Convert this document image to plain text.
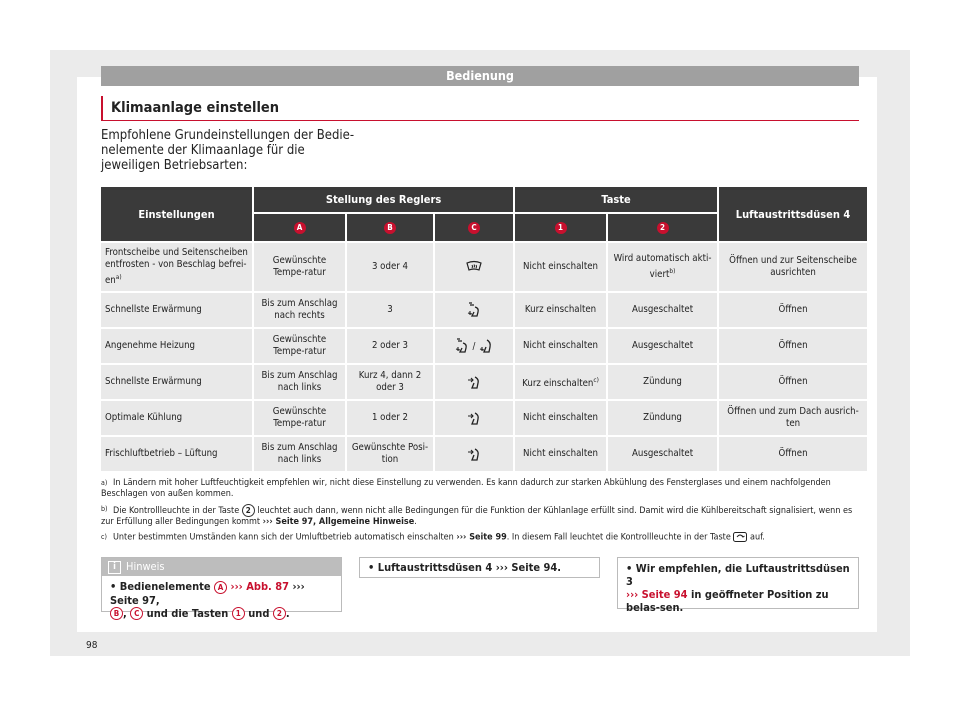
Bedienung
Klimaanlage einstellen
Empfohlene Grundeinstellungen der Bedie-nelemente der Klimaanlage für die jeweiligen Betriebsarten:
Einstellungen	Stellung des Reglers			Taste		Luftaustrittsdüsen 4
	A	B	C	1	2	
Frontscheibe und Seitenscheiben entfrosten - von Beschlag befrei-$en^{a)}$	Gewünschte Tempe-ratur	3 oder 4		Nicht einschalten	Wird automatisch akti-viert$^{b)}$	Öffnen und zur Seitenscheibe ausrichten
Schnellste Erwärmung	Bis zum Anschlag nach rechts	3		Kurz einschalten	Ausgeschaltet	Öffnen
Angenehme Heizung	Gewünschte Tempe-ratur	2 oder 3	/	Nicht einschalten	Ausgeschaltet	Öffnen
Schnellste Erwärmung	Bis zum Anschlag nach links	Kurz 4, dann 2 oder 3		Kurz einschalten$^{c)}$	Zündung	Öffnen
Optimale Kühlung	Gewünschte Tempe-ratur	1 oder 2		Nicht einschalten	Zündung	Öffnen und zum Dach ausrich-ten
Frischluftbetrieb – Lüftung	Bis zum Anschlag nach links	Gewünschte Posi-tion		Nicht einschalten	Ausgeschaltet	Öffnen
a) In Ländern mit hoher Luftfeuchtigkeit empfehlen wir, nicht diese Einstellung zu verwenden. Es kann dadurch zur starken Abkühlung des Fensterglases und einem nachfolgenden Beschlagen von außen kommen.
b) Die Kontrollleuchte in der Taste 2 leuchtet auch dann, wenn nicht alle Bedingungen für die Funktion der Kühlanlage erfüllt sind. Damit wird die Kühlbereitschaft signalisiert, wenn es zur Erfüllung aller Bedingungen kommt ››› Seite 97, Allgemeine Hinweise.
c) Unter bestimmten Umständen kann sich der Umluftbetrieb automatisch einschalten ››› Seite 99. In diesem Fall leuchtet die Kontrollleuchte in der Taste auf.
i Hinweis
• Bedienelemente A ››› Abb. 87 ››› Seite 97,
B , C und die Tasten 1 und 2 .
• Luftaustrittsdüsen 4 ››› Seite 94.	• Wir empfehlen, die Luftaustrittsdüsen 3
››› Seite 94 in geöffneter Position zu belas-sen.
98
